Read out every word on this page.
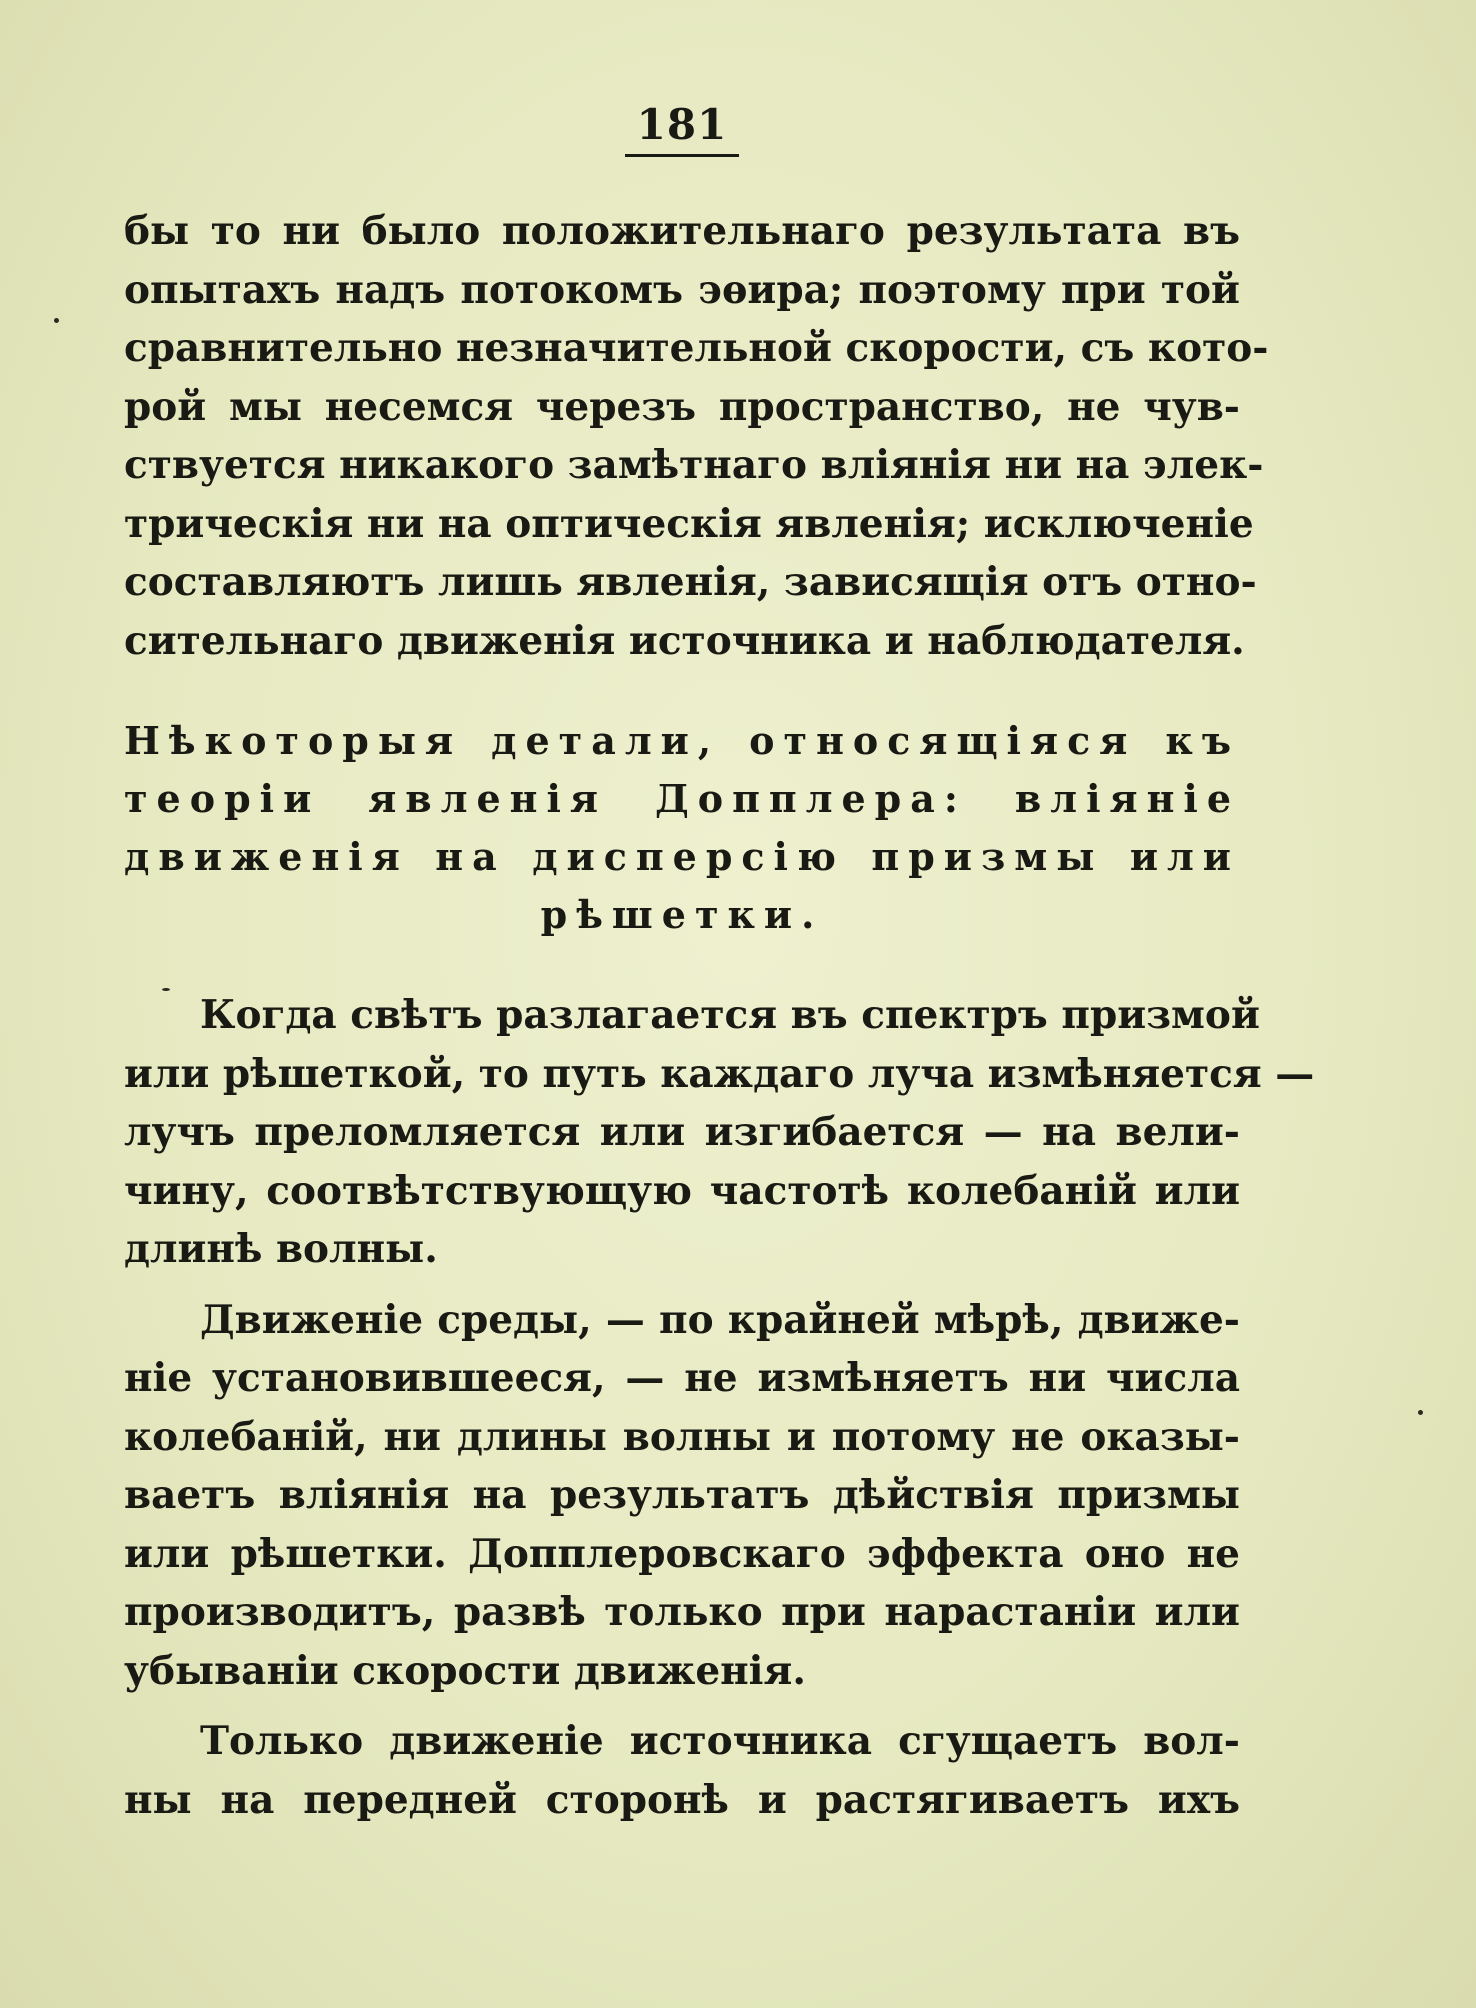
181
бы то ни было положительнаго результата въ
опытахъ надъ потокомъ эѳира; поэтому при той
сравнительно незначительной скорости, съ кото-
рой мы несемся черезъ пространство, не чув-
ствуется никакого замѣтнаго вліянія ни на элек-
трическія ни на оптическія явленія; исключеніе
составляютъ лишь явленія, зависящія отъ отно-
сительнаго движенія источника и наблюдателя.
Нѣкоторыя детали, относящіяся къ
теоріи явленія Допплера: вліяніе
движенія на дисперсію призмы или
рѣшетки.
Когда свѣтъ разлагается въ спектръ призмой
или рѣшеткой, то путь каждаго луча измѣняется —
лучъ преломляется или изгибается — на вели-
чину, соотвѣтствующую частотѣ колебаній или
длинѣ волны.
Движеніе среды, — по крайней мѣрѣ, движе-
ніе установившееся, — не измѣняетъ ни числа
колебаній, ни длины волны и потому не оказы-
ваетъ вліянія на результатъ дѣйствія призмы
или рѣшетки. Допплеровскаго эффекта оно не
производитъ, развѣ только при нарастаніи или
убываніи скорости движенія.
Только движеніе источника сгущаетъ вол-
ны на передней сторонѣ и растягиваетъ ихъ
